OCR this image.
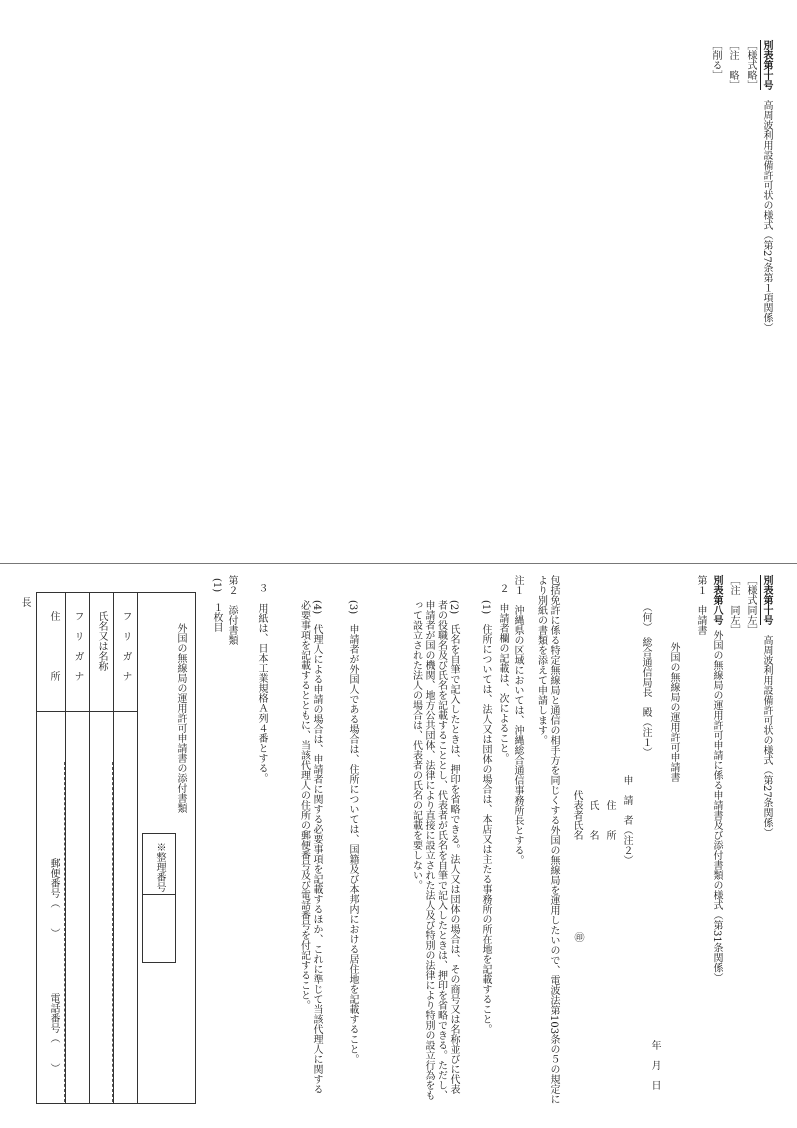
別表第十号
高周波利用設備許可状の様式（第27条第１項関係）
［様式略］
［注　略］
［削る］
別表第十号
高周波利用設備許可状の様式（第27条関係）
［様式同左］
［注　同左］
別表第八号
外国の無線局の運用許可申請に係る申請書及び添付書類の様式（第31条関係）
第１　申請書
外国の無線局の運用許可申請書
年　月　日
（何）　総合通信局長　殿（注１）
申　請　者（注２）
住　　所
氏　　名
代表者氏名
㊞
包括免許に係る特定無線局と通信の相手方を同じくする外国の無線局を運用したいので、電波法第103条の５の規定により別紙の書類を添えて申請します。
注１　沖縄県の区域においては、沖縄総合通信事務所長とする。
２　申請者欄の記載は、次によること。
(1)　住所については、法人又は団体の場合は、本店又は主たる事務所の所在地を記載すること。
(2)　氏名を自筆で記入したときは、押印を省略できる。法人又は団体の場合は、その商号又は名称並びに代表者の役職名及び氏名を記載することとし、代表者が氏名を自筆で記入したときは、押印を省略できる。ただし、申請者が国の機関、地方公共団体、法律により直接に設立された法人及び特別の法律により特別の設立行為をもって設立された法人の場合は、代表者の氏名の記載を要しない。
(3)　申請者が外国人である場合は、住所については、国籍及び本邦内における居住地を記載すること。
(4)　代理人による申請の場合は、申請者に関する必要事項を記載するほか、これに準じて当該代理人に関する必要事項を記載するとともに、当該代理人の住所の郵便番号及び電話番号を付記すること。
３　用紙は、日本工業規格Ａ列４番とする。
第２　添付書類
(1)　１枚目
外国の無線局の運用許可申請書の添付書類
※整理番号
フ　リ　ガ　ナ
氏名又は名称
フ　リ　ガ　ナ
住　　　　　所
郵便番号（　　）
電話番号（　　）
長
